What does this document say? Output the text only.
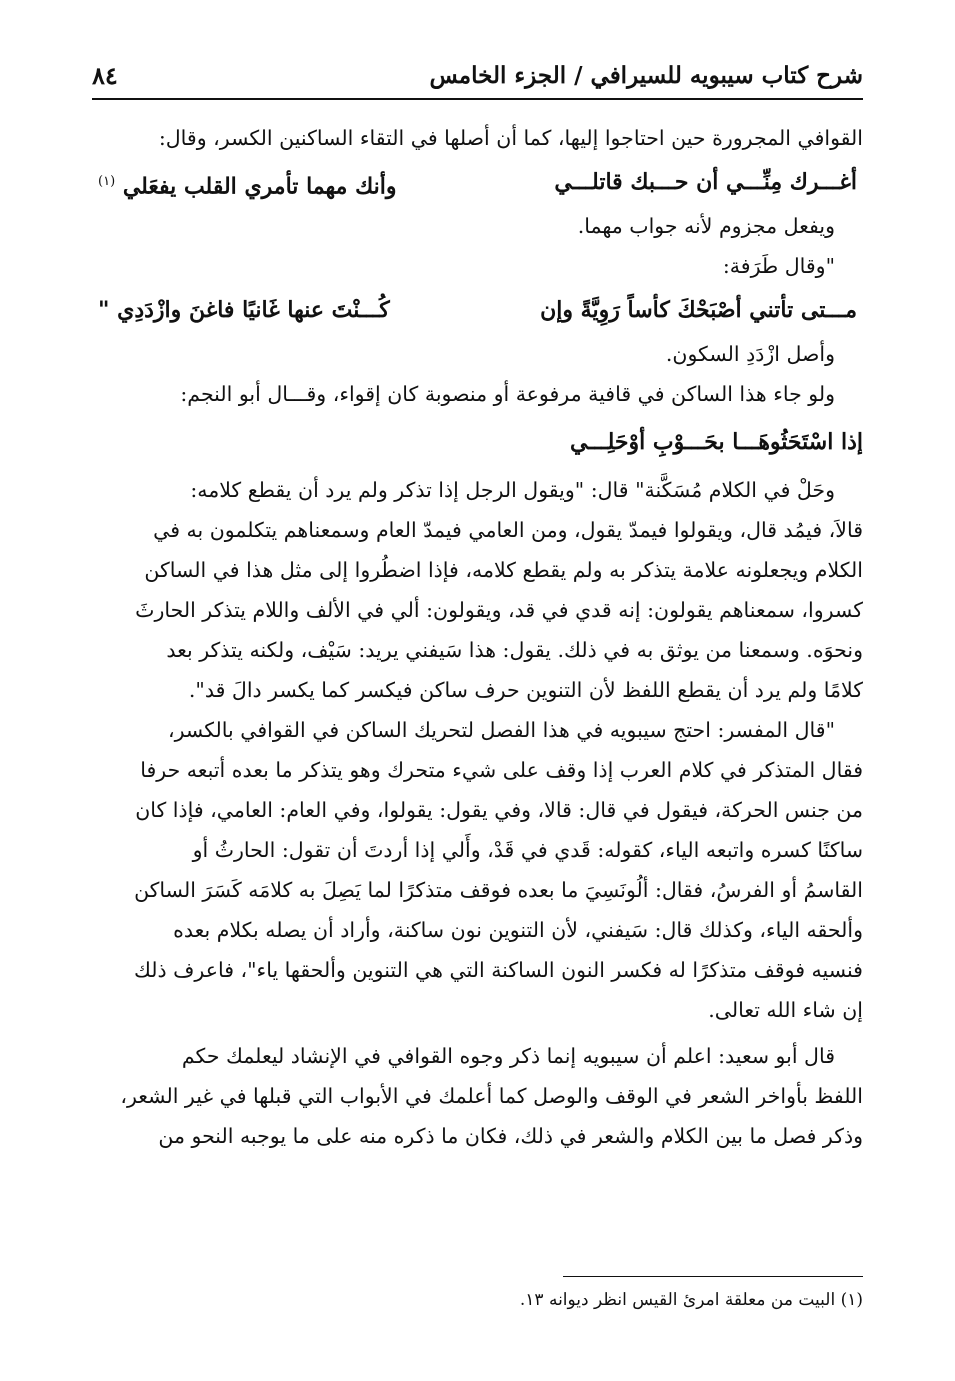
شرح كتاب سيبويه للسيرافي / الجزء الخامس
٨٤
القوافي المجرورة حين احتاجوا إليها، كما أن أصلها في التقاء الساكنين الكسر، وقال:
أغـــرك مِنِّـــي أن حـــبك قاتلـــي
وأنك مهما تأمري القلب يفعَلي $^{(١)}$
ويفعل مجزوم لأنه جواب مهما.
"وقال طَرَفة:
مـــتى تأتني أصْبَحْكَ كأساً رَوِيَّةً وإن
كُـــنْتَ عنها غَانيًا فاغنَ وازْدَدِي "
وأصل ازْدَدِ السكون.
ولو جاء هذا الساكن في قافية مرفوعة أو منصوبة كان إقواء، وقـــال أبو النجم:
إذا اسْتَحَثُوهَـــا بحَـــوْبِ أوْحَلِـــي
وحَلْ في الكلام مُسَكَّنة" قال: "ويقول الرجل إذا تذكر ولم يرد أن يقطع كلامه:
قالاَ، فيمُد قال، ويقولوا فيمدّ يقول، ومن العامي فيمدّ العام وسمعناهم يتكلمون به في
الكلام ويجعلونه علامة يتذكر به ولم يقطع كلامه، فإذا اضطُروا إلى مثل هذا في الساكن
كسروا، سمعناهم يقولون: إنه قدي في قد، ويقولون: ألي في الألف واللام يتذكر الحارثَ
ونحوَه. وسمعنا من يوثق به في ذلك. يقول: هذا سَيفني يريد: سَيْف، ولكنه يتذكر بعد
كلامًا ولم يرد أن يقطع اللفظ لأن التنوين حرف ساكن فيكسر كما يكسر دالَ قد".
"قال المفسر: احتج سيبويه في هذا الفصل لتحريك الساكن في القوافي بالكسر،
فقال المتذكر في كلام العرب إذا وقف على شيء متحرك وهو يتذكر ما بعده أتبعه حرفا
من جنس الحركة، فيقول في قال: قالا، وفي يقول: يقولوا، وفي العام: العامي، فإذا كان
ساكنًا كسره واتبعه الياء، كقوله: قَدي في قَدْ، وأَلي إذا أردتَ أن تقول: الحارثُ أو
القاسمُ أو الفرسُ، فقال: ألُونَسِيَ ما بعده فوقف متذكرًا لما يَصِلَ به كلامَه كَسَرَ الساكن
وألحقه الياء، وكذلك قال: سَيفني، لأن التنوين نون ساكنة، وأراد أن يصله بكلام بعده
فنسيه فوقف متذكرًا له فكسر النون الساكنة التي هي التنوين وألحقها ياء"، فاعرف ذلك
إن شاء الله تعالى.
قال أبو سعيد: اعلم أن سيبويه إنما ذكر وجوه القوافي في الإنشاد ليعلمك حكم
اللفظ بأواخر الشعر في الوقف والوصل كما أعلمك في الأبواب التي قبلها في غير الشعر،
وذكر فصل ما بين الكلام والشعر في ذلك، فكان ما ذكره منه على ما يوجبه النحو من
(١) البيت من معلقة امرئ القيس انظر ديوانه ١٣.
